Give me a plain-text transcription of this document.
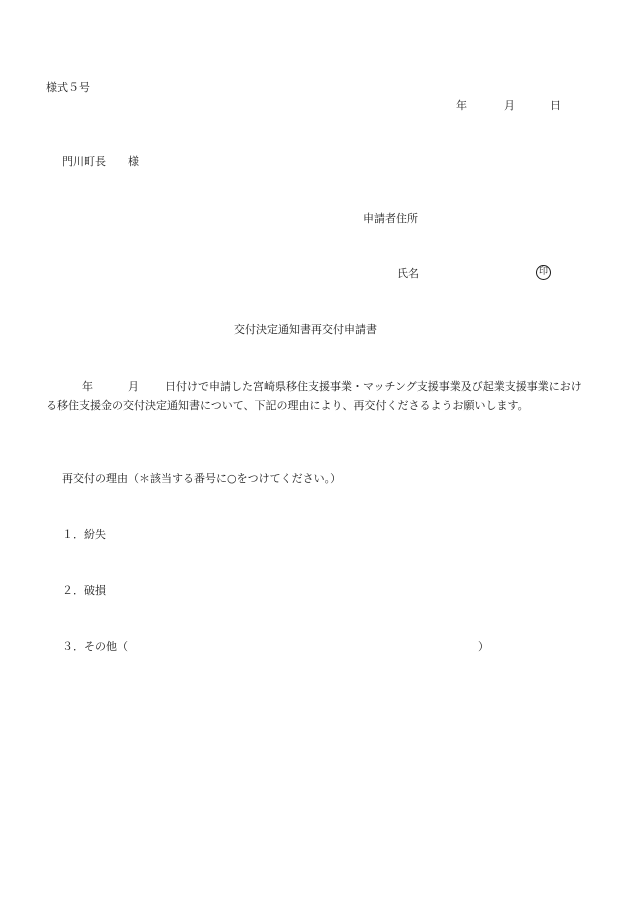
様式５号
年	月	日
門川町長 様
申請者住所
氏名	印
交付決定通知書再交付申請書
年	月 日付けで申請した宮崎県移住支援事業・マッチング支援事業及び起業支援事業における移住支援金の交付決定通知書について、下記の理由により、再交付くださるようお願いします。
再交付の理由（＊該当する番号に○をつけてください。）
１．紛失
２．破損
３．その他（	）
